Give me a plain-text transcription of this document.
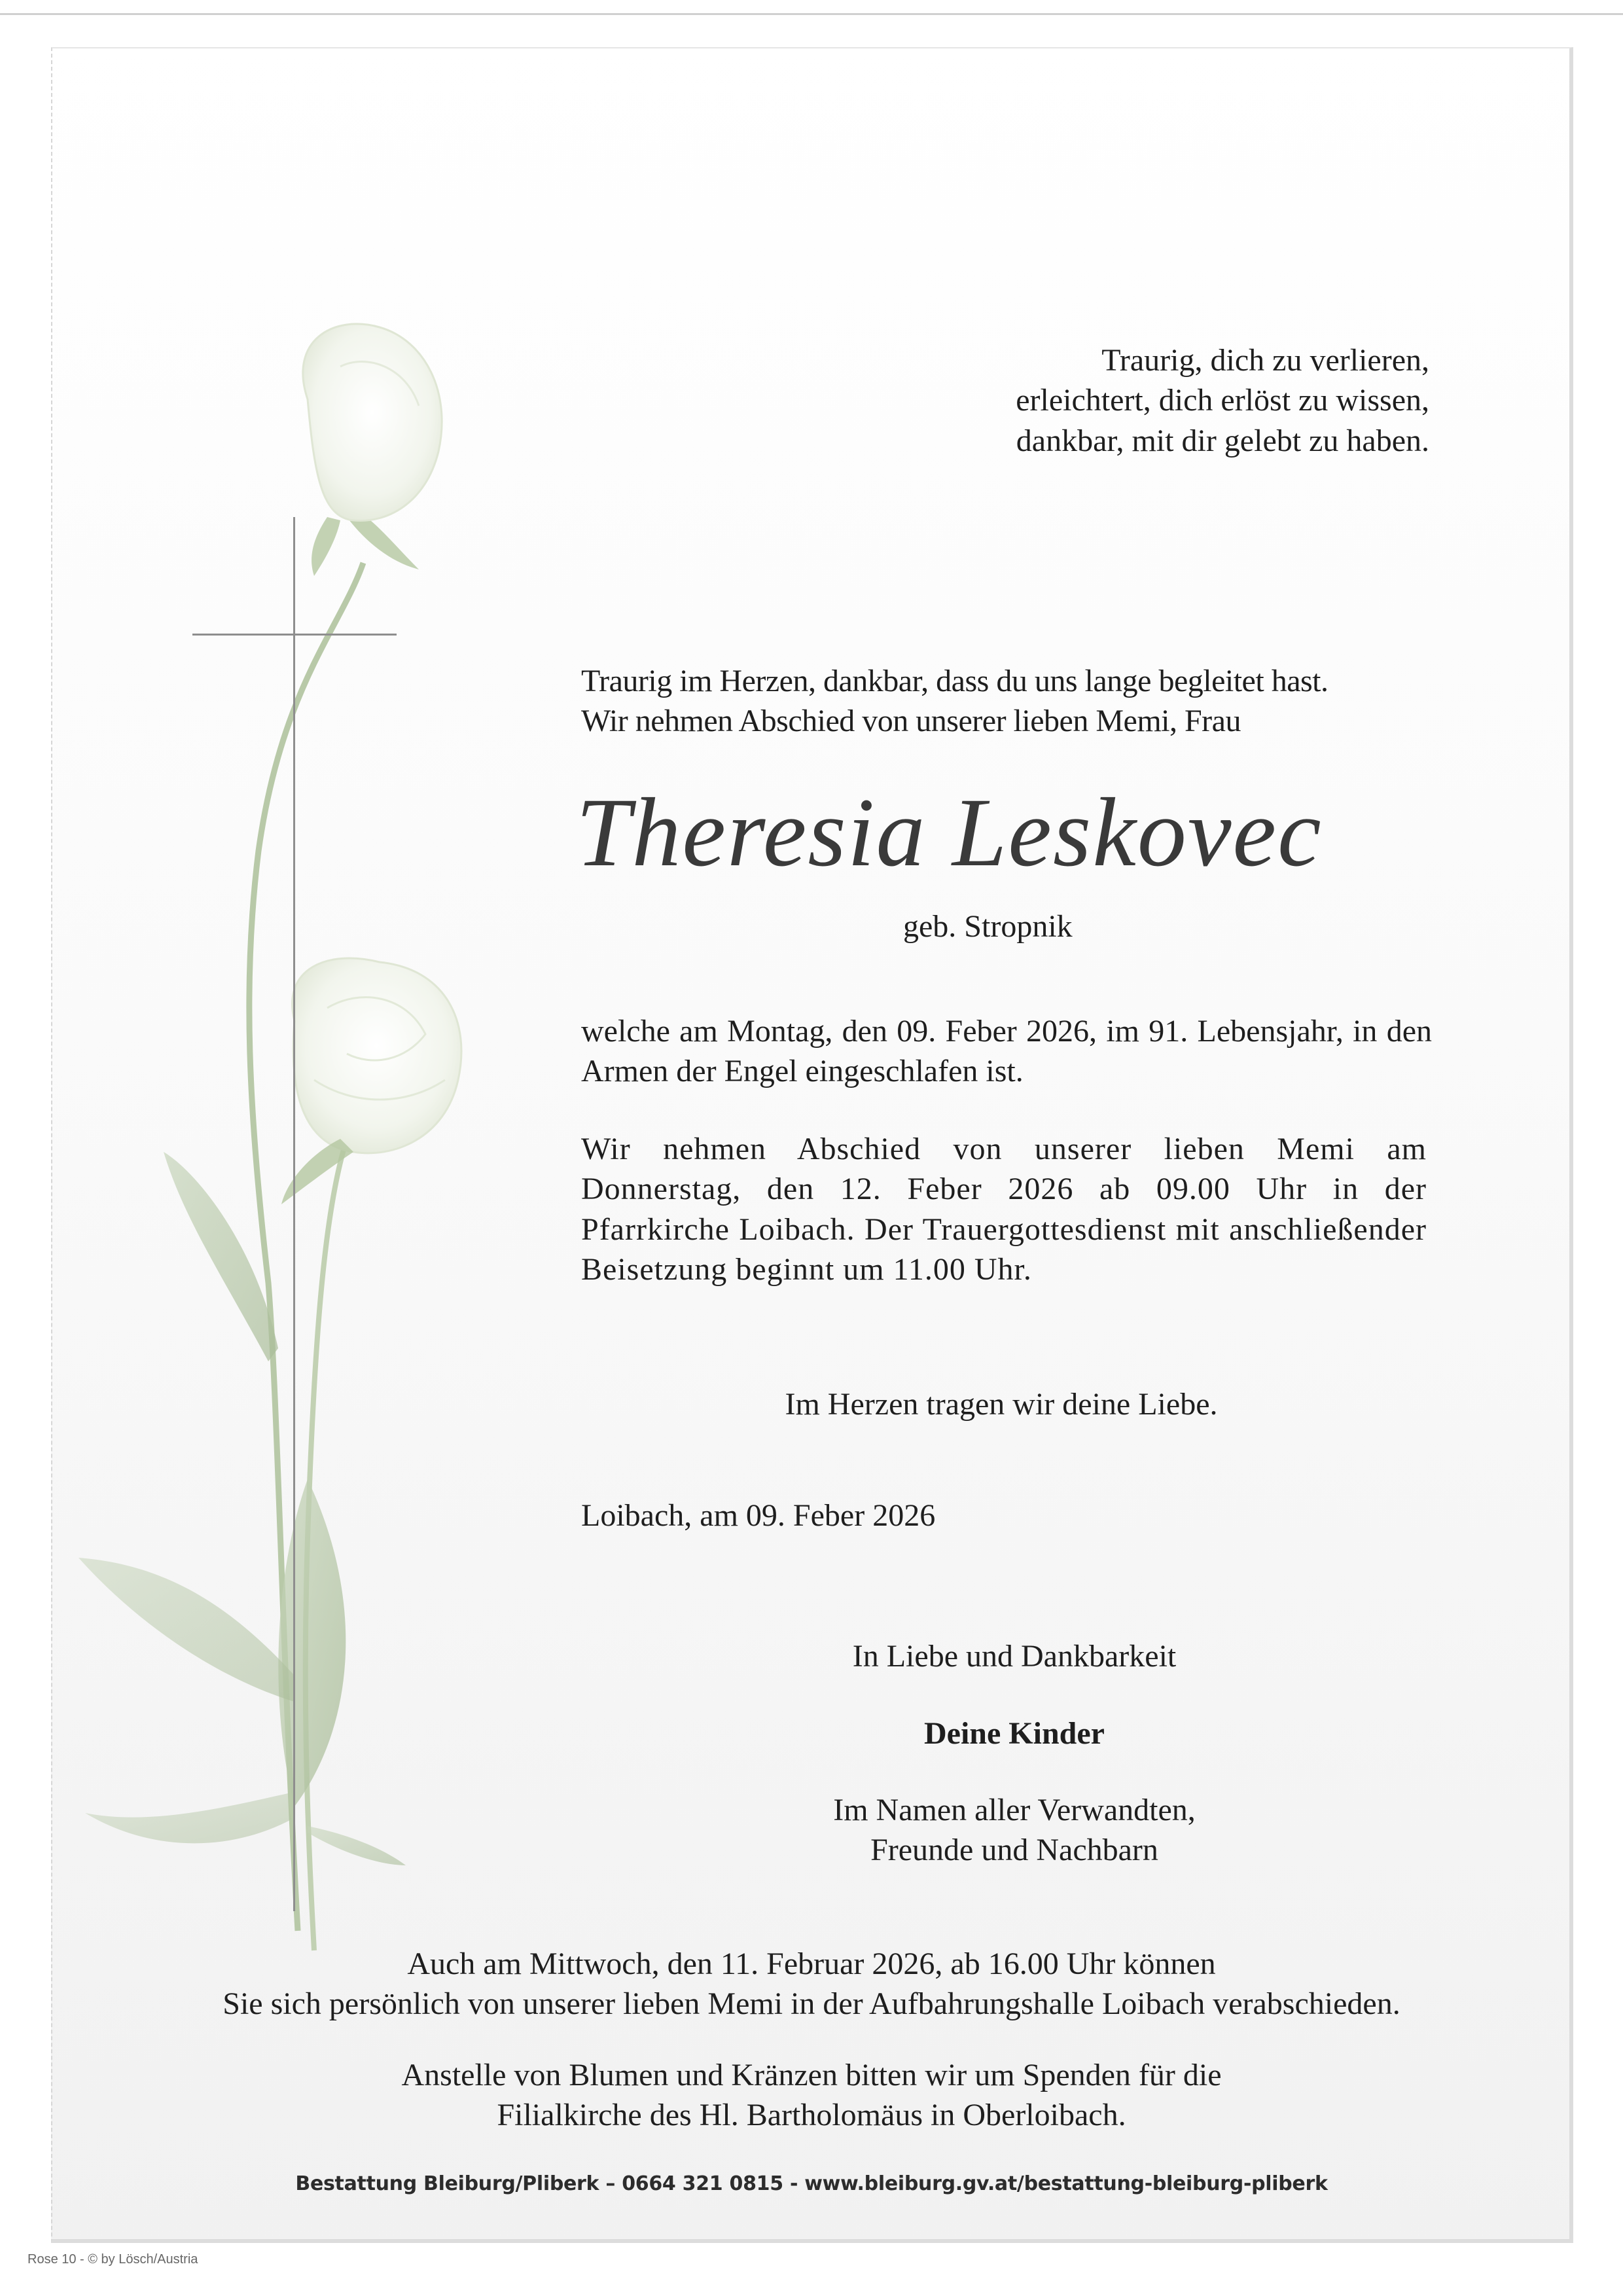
Traurig, dich zu verlieren,
erleichtert, dich erlöst zu wissen,
dankbar, mit dir gelebt zu haben.
Traurig im Herzen, dankbar, dass du uns lange begleitet hast.
Wir nehmen Abschied von unserer lieben Memi, Frau
Theresia Leskovec
geb. Stropnik

welche am Montag, den 09. Feber 2026, im 91. Lebensjahr, in den Armen der Engel eingeschlafen ist.

Wir nehmen Abschied von unserer lieben Memi am Donnerstag, den 12. Feber 2026 ab 09.00 Uhr in der Pfarrkirche Loibach. Der Trauergottesdienst mit anschließender Beisetzung beginnt um 11.00 Uhr.

Im Herzen tragen wir deine Liebe.
Loibach, am 09. Feber 2026
In Liebe und Dankbarkeit
Deine Kinder
Im Namen aller Verwandten,
Freunde und Nachbarn
Auch am Mittwoch, den 11. Februar 2026, ab 16.00 Uhr können
Sie sich persönlich von unserer lieben Memi in der Aufbahrungshalle Loibach verabschieden.
Anstelle von Blumen und Kränzen bitten wir um Spenden für die
Filialkirche des Hl. Bartholomäus in Oberloibach.
Bestattung Bleiburg/Pliberk – 0664 321 0815 - www.bleiburg.gv.at/bestattung-bleiburg-pliberk
Rose 10 - © by Lösch/Austria
